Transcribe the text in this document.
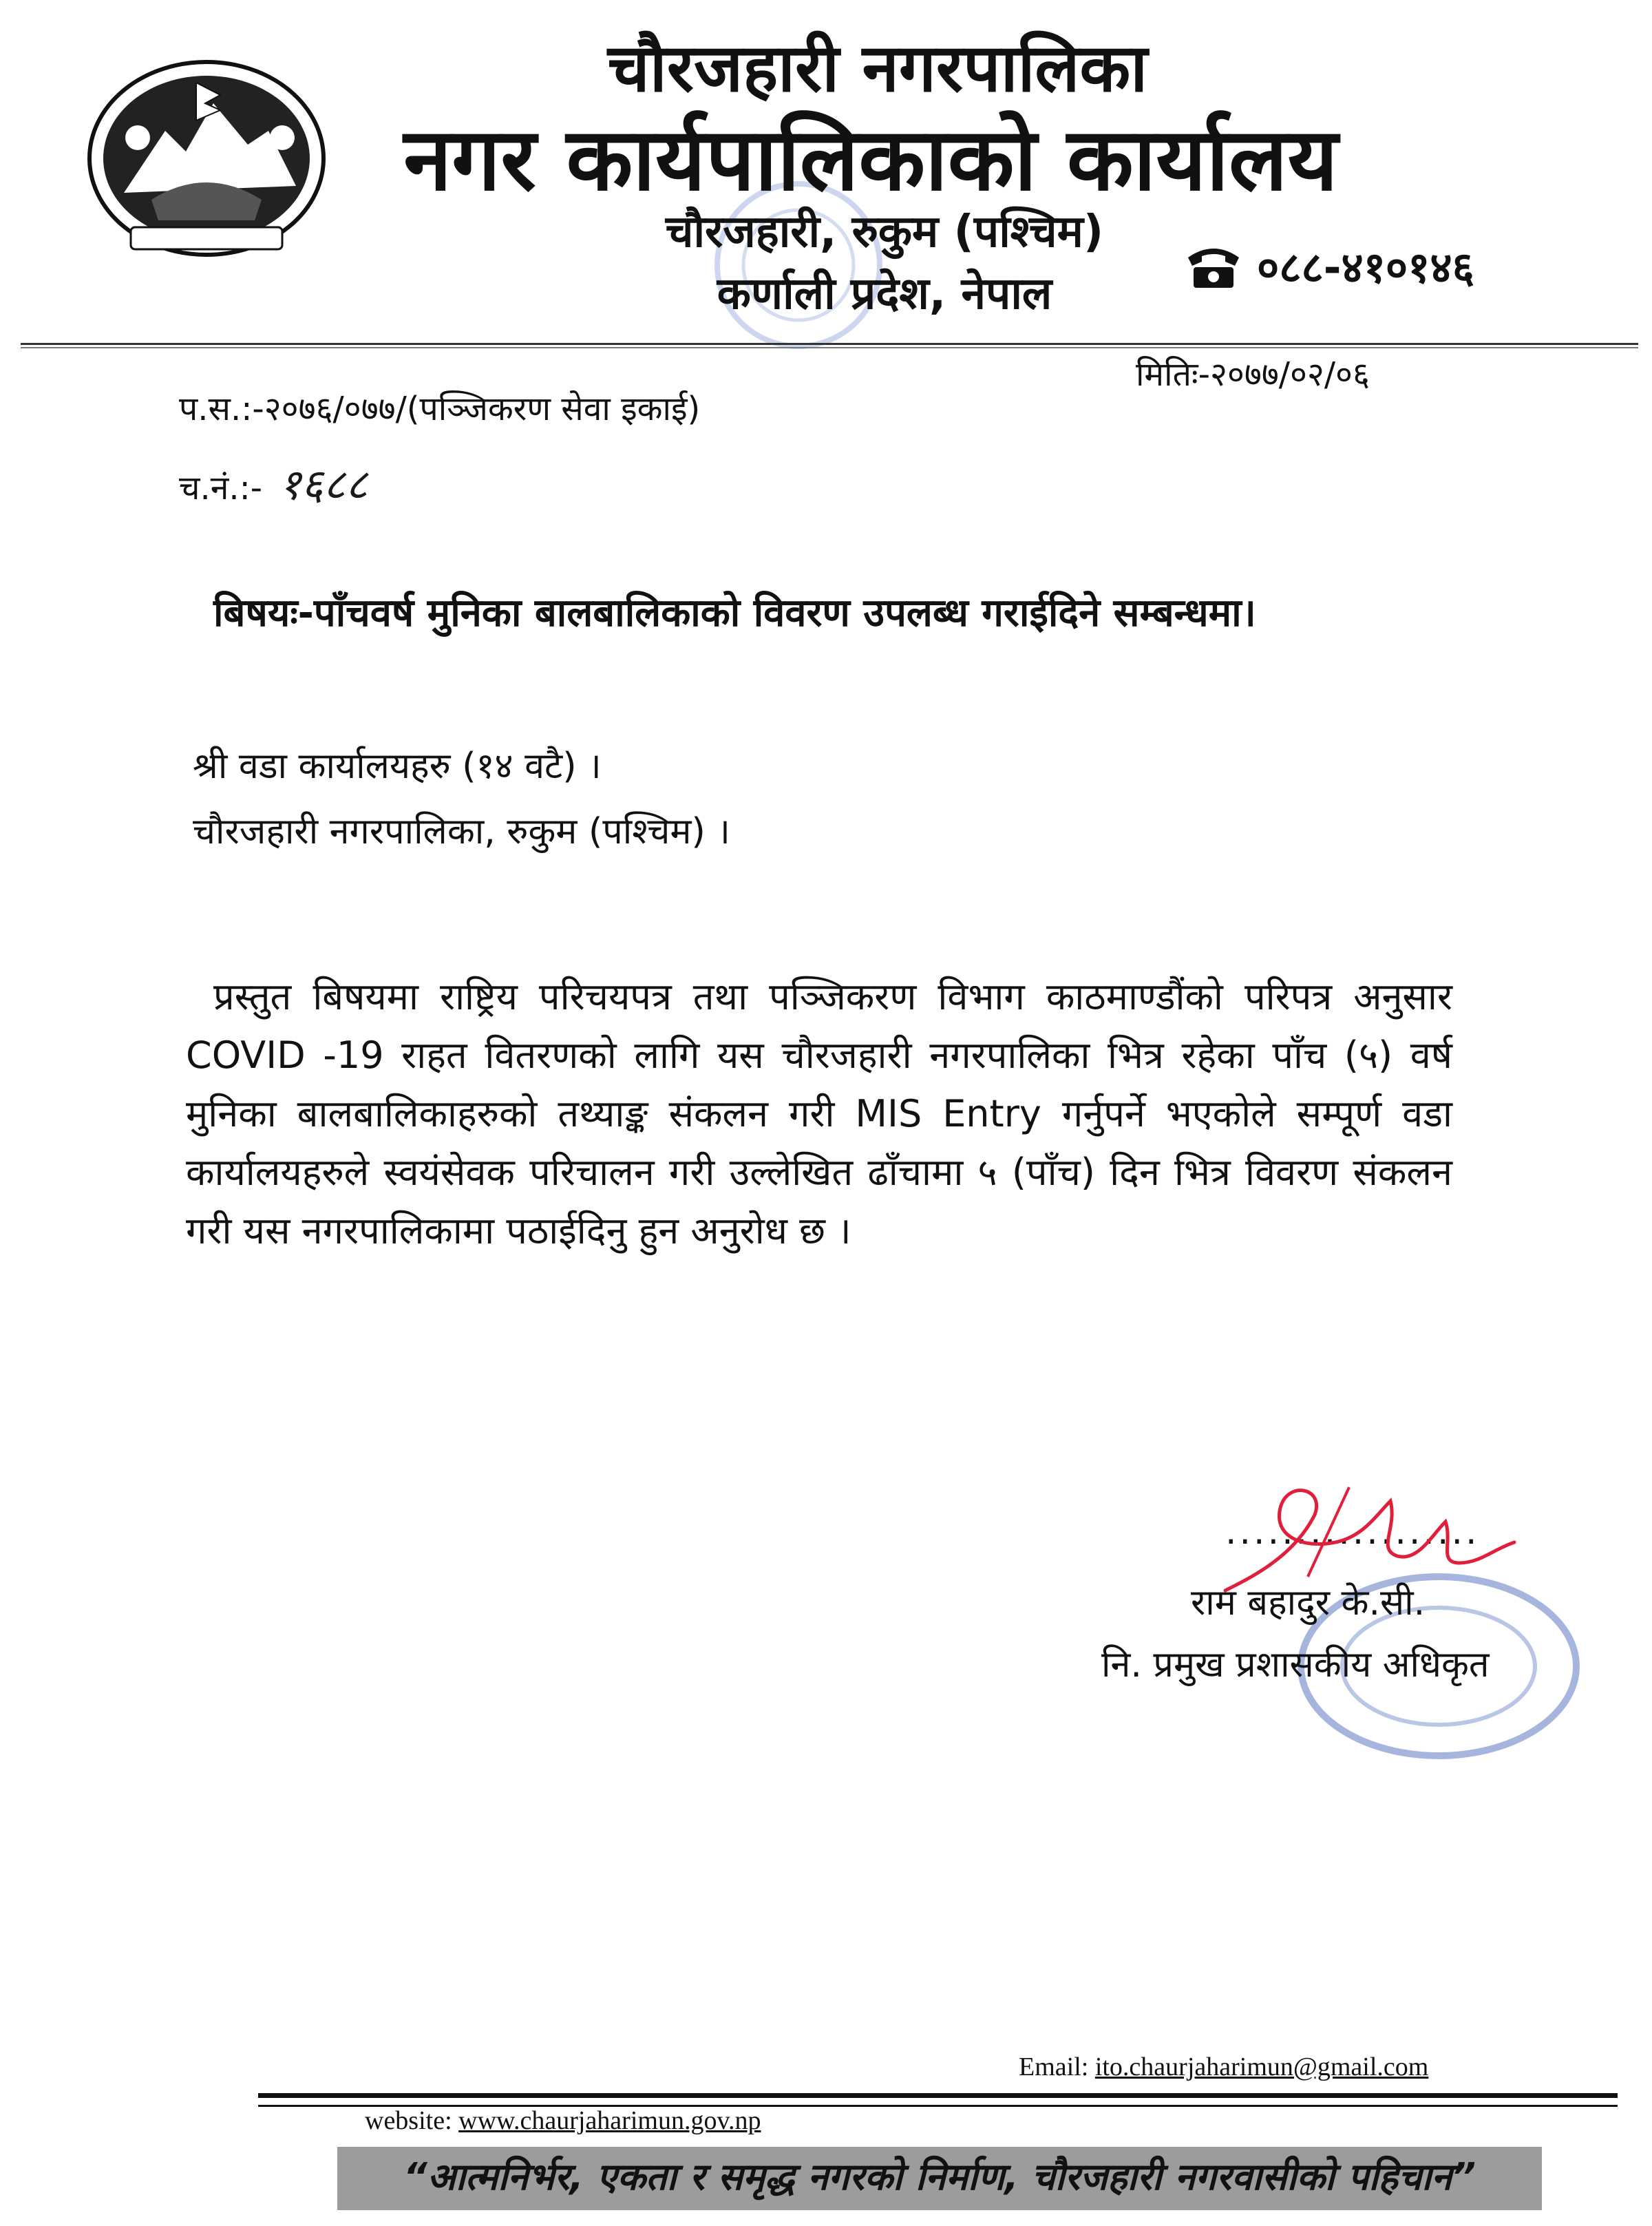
चौरजहारी नगरपालिका
नगर कार्यपालिकाको कार्यालय
चौरजहारी, रुकुम (पश्चिम)
कर्णाली प्रदेश, नेपाल
०८८-४१०१४६
मितिः-२०७७/०२/०६
प.स.:-२०७६/०७७/(पञ्जिकरण सेवा इकाई)
च.नं.:- १६८८
बिषयः-पाँचवर्ष मुनिका बालबालिकाको विवरण उपलब्ध गराईदिने सम्बन्धमा।
श्री वडा कार्यालयहरु (१४ वटै) ।
चौरजहारी नगरपालिका, रुकुम (पश्चिम) ।
प्रस्तुत बिषयमा राष्ट्रिय परिचयपत्र तथा पञ्जिकरण विभाग काठमाण्डौंको परिपत्र अनुसार COVID -19 राहत वितरणको लागि यस चौरजहारी नगरपालिका भित्र रहेका पाँच (५) वर्ष मुनिका बालबालिकाहरुको तथ्याङ्क संकलन गरी MIS Entry गर्नुपर्ने भएकोले सम्पूर्ण वडा कार्यालयहरुले स्वयंसेवक परिचालन गरी उल्लेखित ढाँचामा ५ (पाँच) दिन भित्र विवरण संकलन गरी यस नगरपालिकामा पठाईदिनु हुन अनुरोध छ ।
..................
राम बहादुर के.सी.
नि. प्रमुख प्रशासकीय अधिकृत
Email: ito.chaurjaharimun@gmail.com
website: www.chaurjaharimun.gov.np
“आत्मनिर्भर, एकता र समृद्ध नगरको निर्माण, चौरजहारी नगरवासीको पहिचान”
